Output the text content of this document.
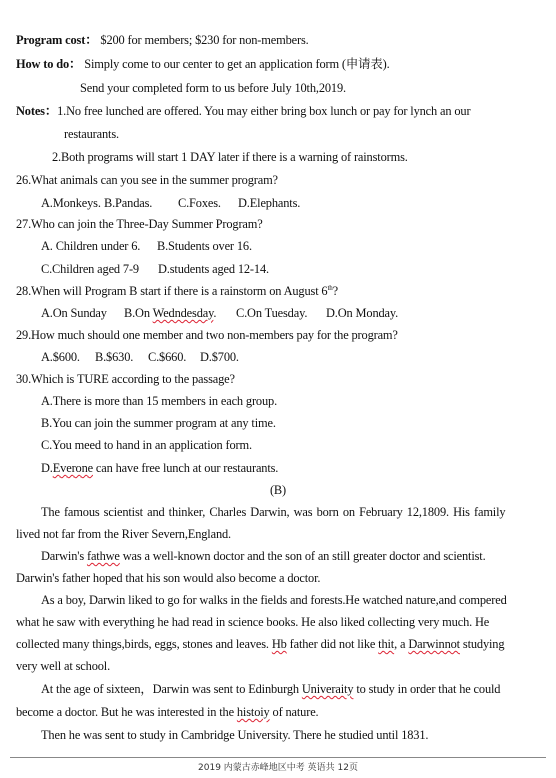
Program cost： $200 for members; $230 for non-members.
How to do： Simply come to our center to get an application form (申请表).
Send your completed form to us before July 10th,2019.
Notes：1.No free lunched are offered. You may either bring box lunch or pay for lynch an our
restaurants.
2.Both programs will start 1 DAY later if there is a warning of rainstorms.
26.What animals can you see in the summer program?
A.Monkeys. B.Pandas. C.Foxes. D.Elephants.
27.Who can join the Three-Day Summer Program?
A. Children under 6. B.Students over 16.
C.Children aged 7-9 D.students aged 12-14.
28.When will Program B start if there is a rainstorm on August 6th?
A.On Sunday B.On Wedndesday. C.On Tuesday. D.On Monday.
29.How much should one member and two non-members pay for the program?
A.$600. B.$630. C.$660. D.$700.
30.Which is TURE according to the passage?
A.There is more than 15 members in each group.
B.You can join the summer program at any time.
C.You meed to hand in an application form.
D.Everone can have free lunch at our restaurants.
(B)
The famous scientist and thinker, Charles Darwin, was born on February 12,1809. His family
lived not far from the River Severn,England.
Darwin's fathwe was a well-known doctor and the son of an still greater doctor and scientist.
Darwin's father hoped that his son would also become a doctor.
As a boy, Darwin liked to go for walks in the fields and forests.He watched nature,and compered
what he saw with everything he had read in science books. He also liked collecting very much. He
collected many things,birds, eggs, stones and leaves. Hb father did not like thit, a Darwinnot studying
very well at school.
At the age of sixteen，Darwin was sent to Edinburgh Univeraity to study in order that he could
become a doctor. But he was interested in the histoiy of nature.
Then he was sent to study in Cambridge University. There he studied until 1831.
2019 内蒙古赤峰地区中考 英语共 12页
